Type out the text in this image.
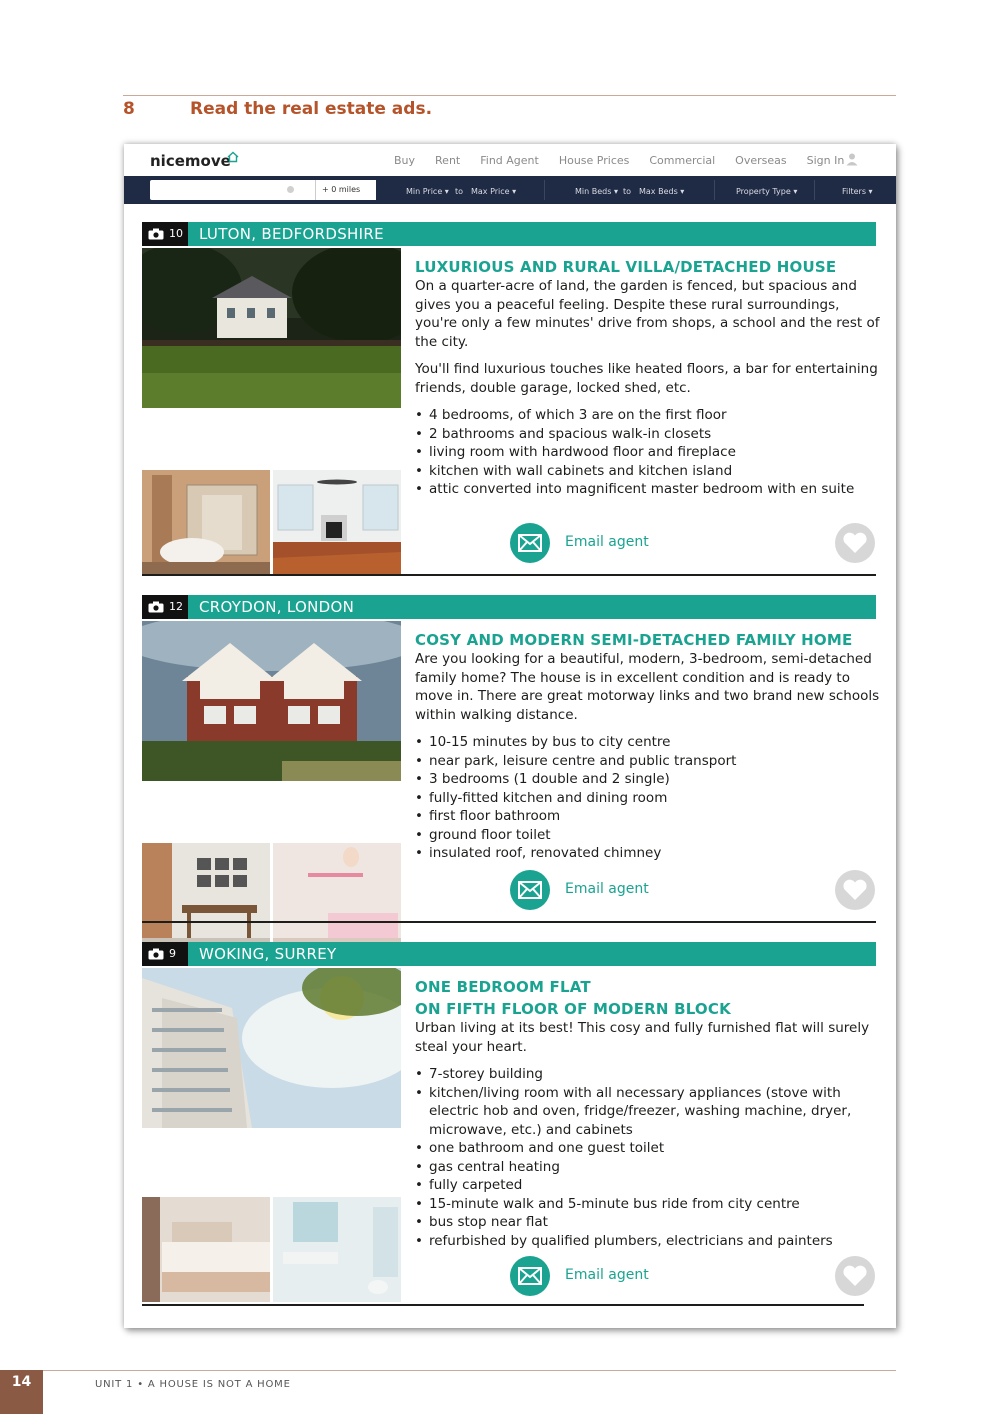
8	Read the real estate ads.
nicemove	Buy Rent Find Agent House Prices Commercial Overseas Sign In
+ 0 miles	Min Price ▾ to Max Price ▾	Min Beds ▾ to Max Beds ▾	Property Type ▾	Filters ▾
10 LUTON, BEDFORDSHIRE
LUXURIOUS AND RURAL VILLA/DETACHED HOUSE

On a quarter-acre of land, the garden is fenced, but spacious and gives you a peaceful feeling. Despite these rural surroundings, you're only a few minutes' drive from shops, a school and the rest of the city.

You'll find luxurious touches like heated floors, a bar for entertaining friends, double garage, locked shed, etc.

• 4 bedrooms, of which 3 are on the first floor
• 2 bathrooms and spacious walk-in closets
• living room with hardwood floor and fireplace
• kitchen with wall cabinets and kitchen island
• attic converted into magnificent master bedroom with en suite
Email agent
12 CROYDON, LONDON
COSY AND MODERN SEMI-DETACHED FAMILY HOME

Are you looking for a beautiful, modern, 3-bedroom, semi-detached family home? The house is in excellent condition and is ready to move in. There are great motorway links and two brand new schools within walking distance.

• 10-15 minutes by bus to city centre
• near park, leisure centre and public transport
• 3 bedrooms (1 double and 2 single)
• fully-fitted kitchen and dining room
• first floor bathroom
• ground floor toilet
• insulated roof, renovated chimney
Email agent
9 WOKING, SURREY
ONE BEDROOM FLAT
ON FIFTH FLOOR OF MODERN BLOCK

Urban living at its best! This cosy and fully furnished flat will surely steal your heart.

• 7-storey building
• kitchen/living room with all necessary appliances (stove with electric hob and oven, fridge/freezer, washing machine, dryer, microwave, etc.) and cabinets
• one bathroom and one guest toilet
• gas central heating
• fully carpeted
• 15-minute walk and 5-minute bus ride from city centre
• bus stop near flat
• refurbished by qualified plumbers, electricians and painters
Email agent
14	UNIT 1 • A HOUSE IS NOT A HOME
